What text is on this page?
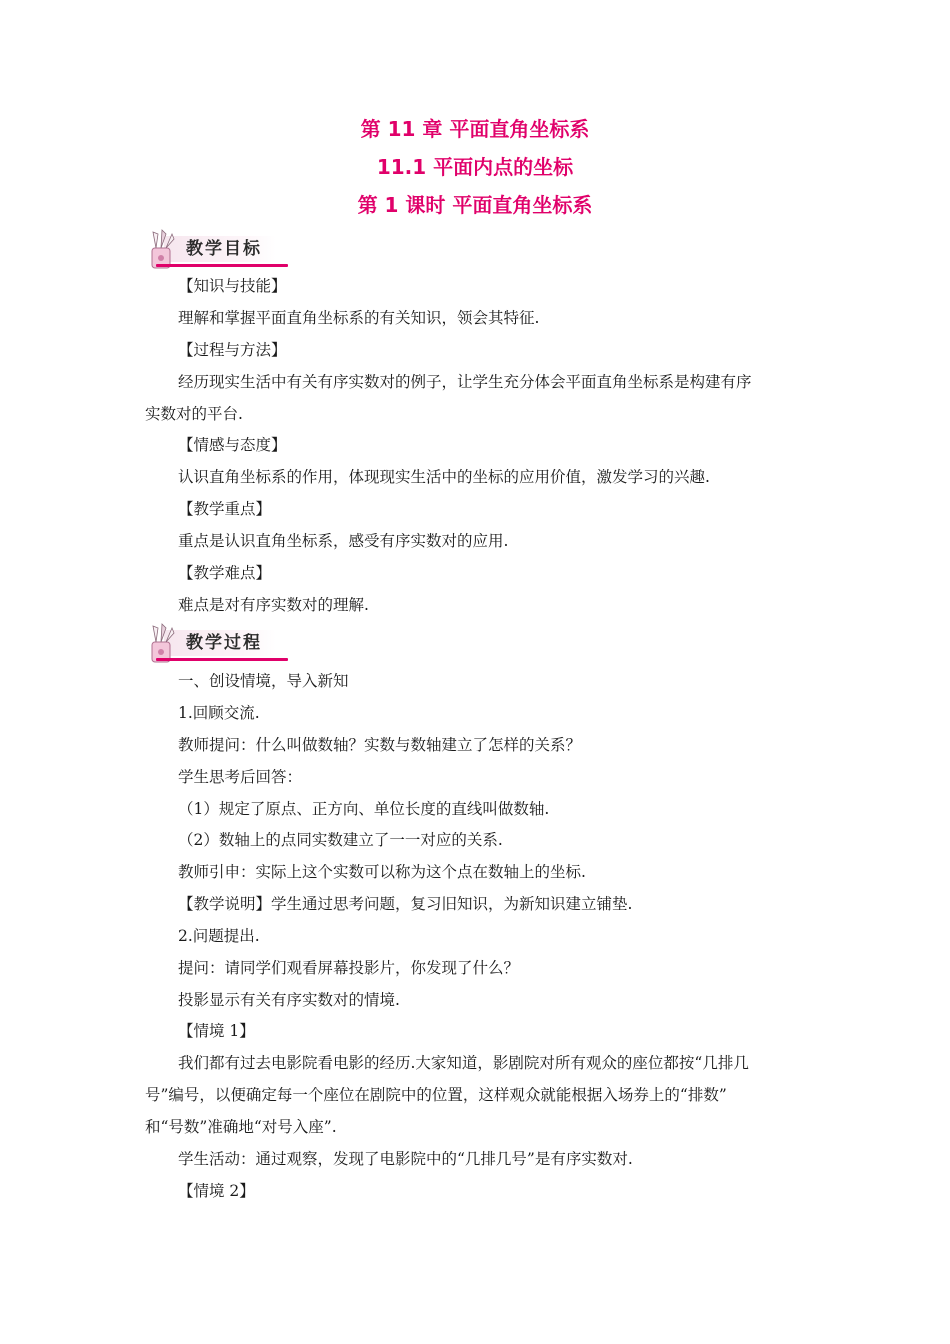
第 11 章 平面直角坐标系
11.1 平面内点的坐标
第 1 课时 平面直角坐标系
教学目标
【知识与技能】
理解和掌握平面直角坐标系的有关知识，领会其特征.
【过程与方法】
经历现实生活中有关有序实数对的例子，让学生充分体会平面直角坐标系是构建有序
实数对的平台.
【情感与态度】
认识直角坐标系的作用，体现现实生活中的坐标的应用价值，激发学习的兴趣.
【教学重点】
重点是认识直角坐标系，感受有序实数对的应用.
【教学难点】
难点是对有序实数对的理解.
教学过程
一、创设情境，导入新知
1.回顾交流.
教师提问：什么叫做数轴？实数与数轴建立了怎样的关系？
学生思考后回答：
（1）规定了原点、正方向、单位长度的直线叫做数轴.
（2）数轴上的点同实数建立了一一对应的关系.
教师引申：实际上这个实数可以称为这个点在数轴上的坐标.
【教学说明】学生通过思考问题，复习旧知识，为新知识建立铺垫.
2.问题提出.
提问：请同学们观看屏幕投影片，你发现了什么？
投影显示有关有序实数对的情境.
【情境 1】
我们都有过去电影院看电影的经历.大家知道，影剧院对所有观众的座位都按“几排几
号”编号，以便确定每一个座位在剧院中的位置，这样观众就能根据入场券上的“排数”
和“号数”准确地“对号入座”.
学生活动：通过观察，发现了电影院中的“几排几号”是有序实数对.
【情境 2】
